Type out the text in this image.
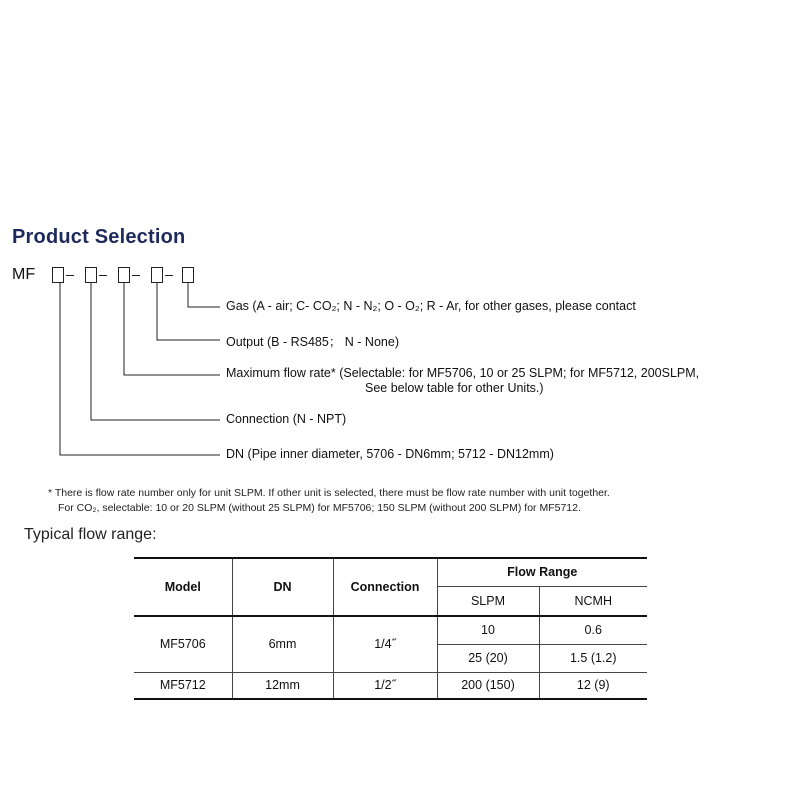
Product Selection
MF
Gas (A - air; C- CO₂; N - N₂; O - O₂; R - Ar, for other gases, please contact
Output (B - RS485； N - None)
Maximum flow rate* (Selectable: for MF5706, 10 or 25 SLPM; for MF5712, 200SLPM,
See below table for other Units.)
Connection (N - NPT)
DN (Pipe inner diameter, 5706 - DN6mm; 5712 - DN12mm)
* There is flow rate number only for unit SLPM. If other unit is selected, there must be flow rate number with unit together.
For CO₂, selectable: 10 or 20 SLPM (without 25 SLPM) for MF5706; 150 SLPM (without 200 SLPM) for MF5712.
Typical flow range:
Model	DN	Connection	Flow Range	
			SLPM	NCMH
MF5706	6mm	1/4˝	10	0.6
			25 (20)	1.5 (1.2)
MF5712	12mm	1/2˝	200 (150)	12 (9)
